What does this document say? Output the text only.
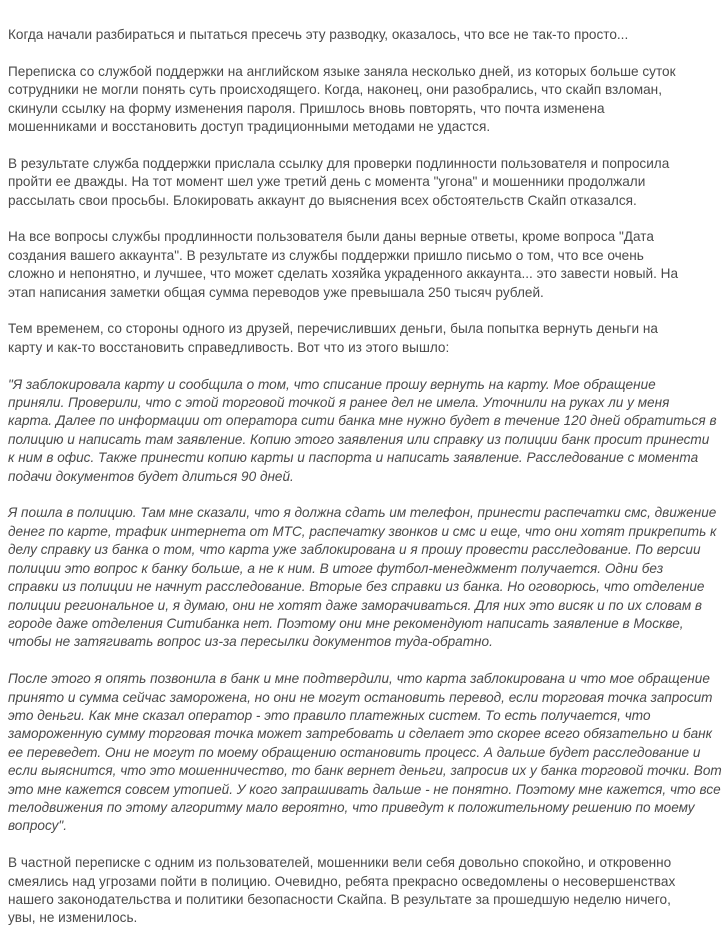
Когда начали разбираться и пытаться пресечь эту разводку, оказалось, что все не так-то просто...

Переписка со службой поддержки на английском языке заняла несколько дней, из которых больше суток
сотрудники не могли понять суть происходящего. Когда, наконец, они разобрались, что скайп взломан,
скинули ссылку на форму изменения пароля. Пришлось вновь повторять, что почта изменена
мошенниками и восстановить доступ традиционными методами не удастся.

В результате служба поддержки прислала ссылку для проверки подлинности пользователя и попросила
пройти ее дважды. На тот момент шел уже третий день с момента "угона" и мошенники продолжали
рассылать свои просьбы. Блокировать аккаунт до выяснения всех обстоятельств Скайп отказался.

На все вопросы службы продлинности пользователя были даны верные ответы, кроме вопроса "Дата
создания вашего аккаунта". В результате из службы поддержки пришло письмо о том, что все очень
сложно и непонятно, и лучшее, что может сделать хозяйка украденного аккаунта... это завести новый. На
этап написания заметки общая сумма переводов уже превышала 250 тысяч рублей.

Тем временем, со стороны одного из друзей, перечисливших деньги, была попытка вернуть деньги на
карту и как-то восстановить справедливость. Вот что из этого вышло:

"Я заблокировала карту и сообщила о том, что списание прошу вернуть на карту. Мое обращение
приняли. Проверили, что с этой торговой точкой я ранее дел не имела. Уточнили на руках ли у меня
карта. Далее по информации от оператора сити банка мне нужно будет в течение 120 дней обратиться в
полицию и написать там заявление. Копию этого заявления или справку из полиции банк просит принести
к ним в офис. Также принести копию карты и паспорта и написать заявление. Расследование с момента
подачи документов будет длиться 90 дней.

Я пошла в полицию. Там мне сказали, что я должна сдать им телефон, принести распечатки смс, движение
денег по карте, трафик интернета от МТС, распечатку звонков и смс и еще, что они хотят прикрепить к
делу справку из банка о том, что карта уже заблокирована и я прошу провести расследование. По версии
полиции это вопрос к банку больше, а не к ним. В итоге футбол-менеджмент получается. Одни без
справки из полиции не начнут расследование. Вторые без справки из банка. Но оговорюсь, что отделение
полиции региональное и, я думаю, они не хотят даже заморачиваться. Для них это висяк и по их словам в
городе даже отделения Ситибанка нет. Поэтому они мне рекомендуют написать заявление в Москве,
чтобы не затягивать вопрос из-за пересылки документов туда-обратно.

После этого я опять позвонила в банк и мне подтвердили, что карта заблокирована и что мое обращение
принято и сумма сейчас заморожена, но они не могут остановить перевод, если торговая точка запросит
это деньги. Как мне сказал оператор - это правило платежных систем. То есть получается, что
замороженную сумму торговая точка может затребовать и сделает это скорее всего обязательно и банк
ее переведет. Они не могут по моему обращению остановить процесс. А дальше будет расследование и
если выяснится, что это мошенничество, то банк вернет деньги, запросив их у банка торговой точки. Вот
это мне кажется совсем утопией. У кого запрашивать дальше - не понятно. Поэтому мне кажется, что все
телодвижения по этому алгоритму мало вероятно, что приведут к положительному решению по моему
вопросу".

В частной переписке с одним из пользователей, мошенники вели себя довольно спокойно, и откровенно
смеялись над угрозами пойти в полицию. Очевидно, ребята прекрасно осведомлены о несовершенствах
нашего законодательства и политики безопасности Скайпа. В результате за прошедшую неделю ничего,
увы, не изменилось.
